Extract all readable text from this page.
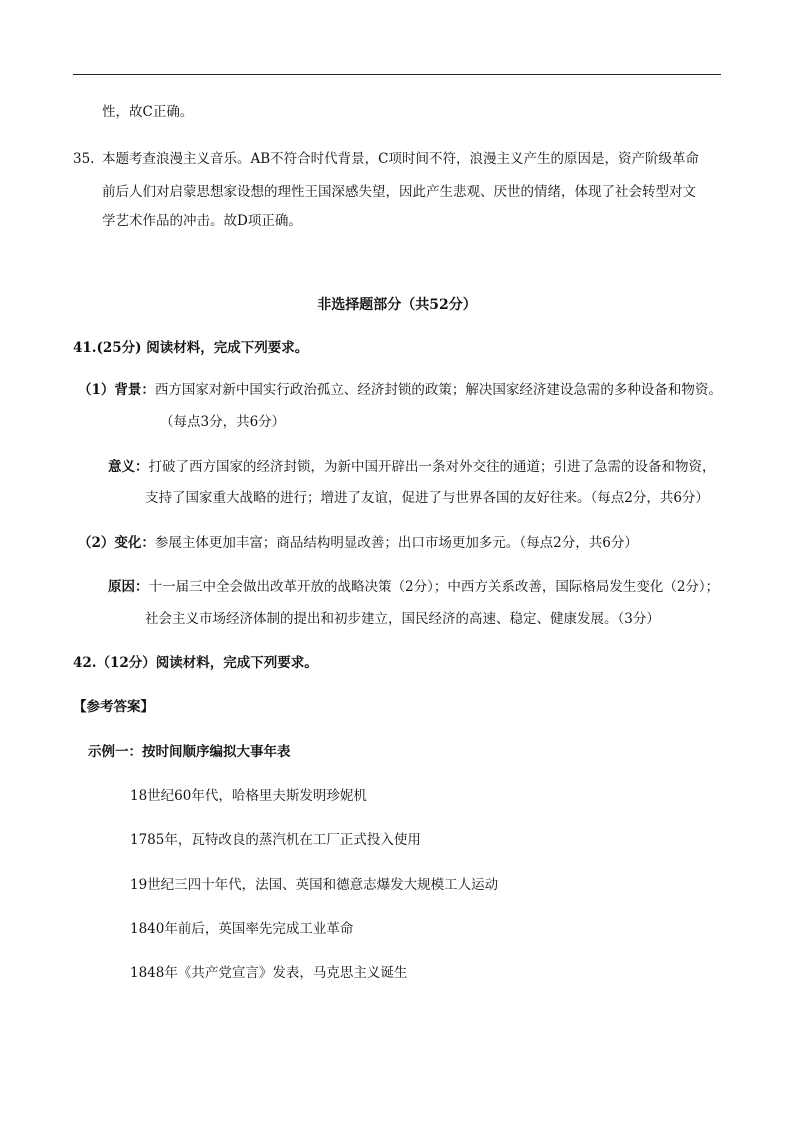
性，故C正确。
35. 本题考查浪漫主义音乐。AB不符合时代背景，C项时间不符，浪漫主义产生的原因是，资产阶级革命
前后人们对启蒙思想家设想的理性王国深感失望，因此产生悲观、厌世的情绪，体现了社会转型对文
学艺术作品的冲击。故D项正确。
非选择题部分（共52分）
41.(25分) 阅读材料，完成下列要求。
（1）背景：西方国家对新中国实行政治孤立、经济封锁的政策；解决国家经济建设急需的多种设备和物资。
（每点3分，共6分）
意义：打破了西方国家的经济封锁，为新中国开辟出一条对外交往的通道；引进了急需的设备和物资，
支持了国家重大战略的进行；增进了友谊，促进了与世界各国的友好往来。（每点2分，共6分）
（2）变化：参展主体更加丰富；商品结构明显改善；出口市场更加多元。（每点2分，共6分）
原因：十一届三中全会做出改革开放的战略决策（2分）；中西方关系改善，国际格局发生变化（2分）；
社会主义市场经济体制的提出和初步建立，国民经济的高速、稳定、健康发展。（3分）
42.（12分）阅读材料，完成下列要求。
【参考答案】
示例一：按时间顺序编拟大事年表
18世纪60年代，哈格里夫斯发明珍妮机
1785年，瓦特改良的蒸汽机在工厂正式投入使用
19世纪三四十年代，法国、英国和德意志爆发大规模工人运动
1840年前后，英国率先完成工业革命
1848年《共产党宣言》发表，马克思主义诞生
